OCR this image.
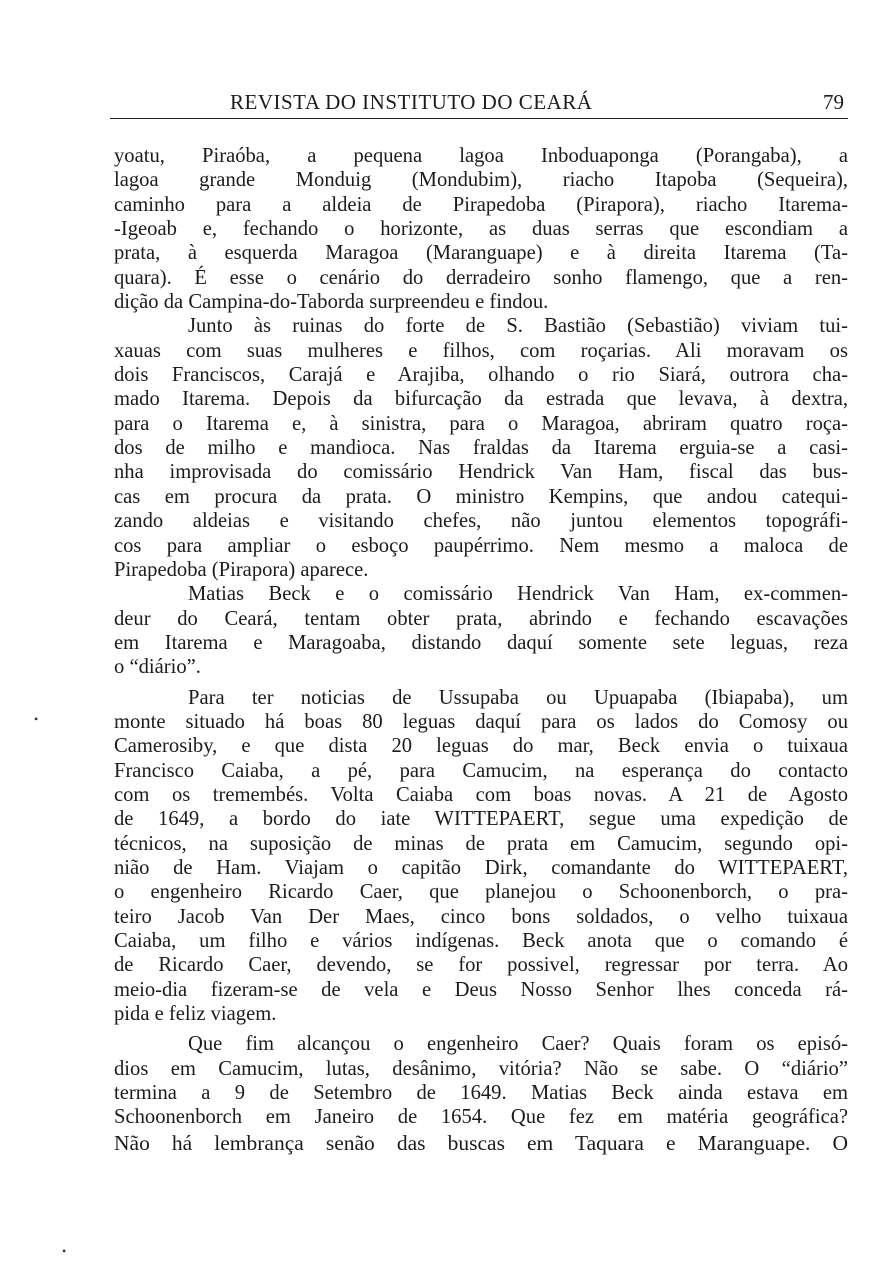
REVISTA DO INSTITUTO DO CEARÁ	79
yoatu, Piraóba, a pequena lagoa Inboduaponga (Porangaba), a
lagoa grande Monduig (Mondubim), riacho Itapoba (Sequeira),
caminho para a aldeia de Pirapedoba (Pirapora), riacho Itarema-
-Igeoab e, fechando o horizonte, as duas serras que escondiam a
prata, à esquerda Maragoa (Maranguape) e à direita Itarema (Ta-
quara). É esse o cenário do derradeiro sonho flamengo, que a ren-
dição da Campina-do-Taborda surpreendeu e findou.
Junto às ruinas do forte de S. Bastião (Sebastião) viviam tui-
xauas com suas mulheres e filhos, com roçarias. Ali moravam os
dois Franciscos, Carajá e Arajiba, olhando o rio Siará, outrora cha-
mado Itarema. Depois da bifurcação da estrada que levava, à dextra,
para o Itarema e, à sinistra, para o Maragoa, abriram quatro roça-
dos de milho e mandioca. Nas fraldas da Itarema erguia-se a casi-
nha improvisada do comissário Hendrick Van Ham, fiscal das bus-
cas em procura da prata. O ministro Kempins, que andou catequi-
zando aldeias e visitando chefes, não juntou elementos topográfi-
cos para ampliar o esboço paupérrimo. Nem mesmo a maloca de
Pirapedoba (Pirapora) aparece.
Matias Beck e o comissário Hendrick Van Ham, ex-commen-
deur do Ceará, tentam obter prata, abrindo e fechando escavações
em Itarema e Maragoaba, distando daquí somente sete leguas, reza
o “diário”.
Para ter noticias de Ussupaba ou Upuapaba (Ibiapaba), um
monte situado há boas 80 leguas daquí para os lados do Comosy ou
Camerosiby, e que dista 20 leguas do mar, Beck envia o tuixaua
Francisco Caiaba, a pé, para Camucim, na esperança do contacto
com os tremembés. Volta Caiaba com boas novas. A 21 de Agosto
de 1649, a bordo do iate WITTEPAERT, segue uma expedição de
técnicos, na suposição de minas de prata em Camucim, segundo opi-
nião de Ham. Viajam o capitão Dirk, comandante do WITTEPAERT,
o engenheiro Ricardo Caer, que planejou o Schoonenborch, o pra-
teiro Jacob Van Der Maes, cinco bons soldados, o velho tuixaua
Caiaba, um filho e vários indígenas. Beck anota que o comando é
de Ricardo Caer, devendo, se for possivel, regressar por terra. Ao
meio-dia fizeram-se de vela e Deus Nosso Senhor lhes conceda rá-
pida e feliz viagem.
Que fim alcançou o engenheiro Caer? Quais foram os episó-
dios em Camucim, lutas, desânimo, vitória? Não se sabe. O “diário”
termina a 9 de Setembro de 1649. Matias Beck ainda estava em
Schoonenborch em Janeiro de 1654. Que fez em matéria geográfica?
Não há lembrança senão das buscas em Taquara e Maranguape. O
•
•
